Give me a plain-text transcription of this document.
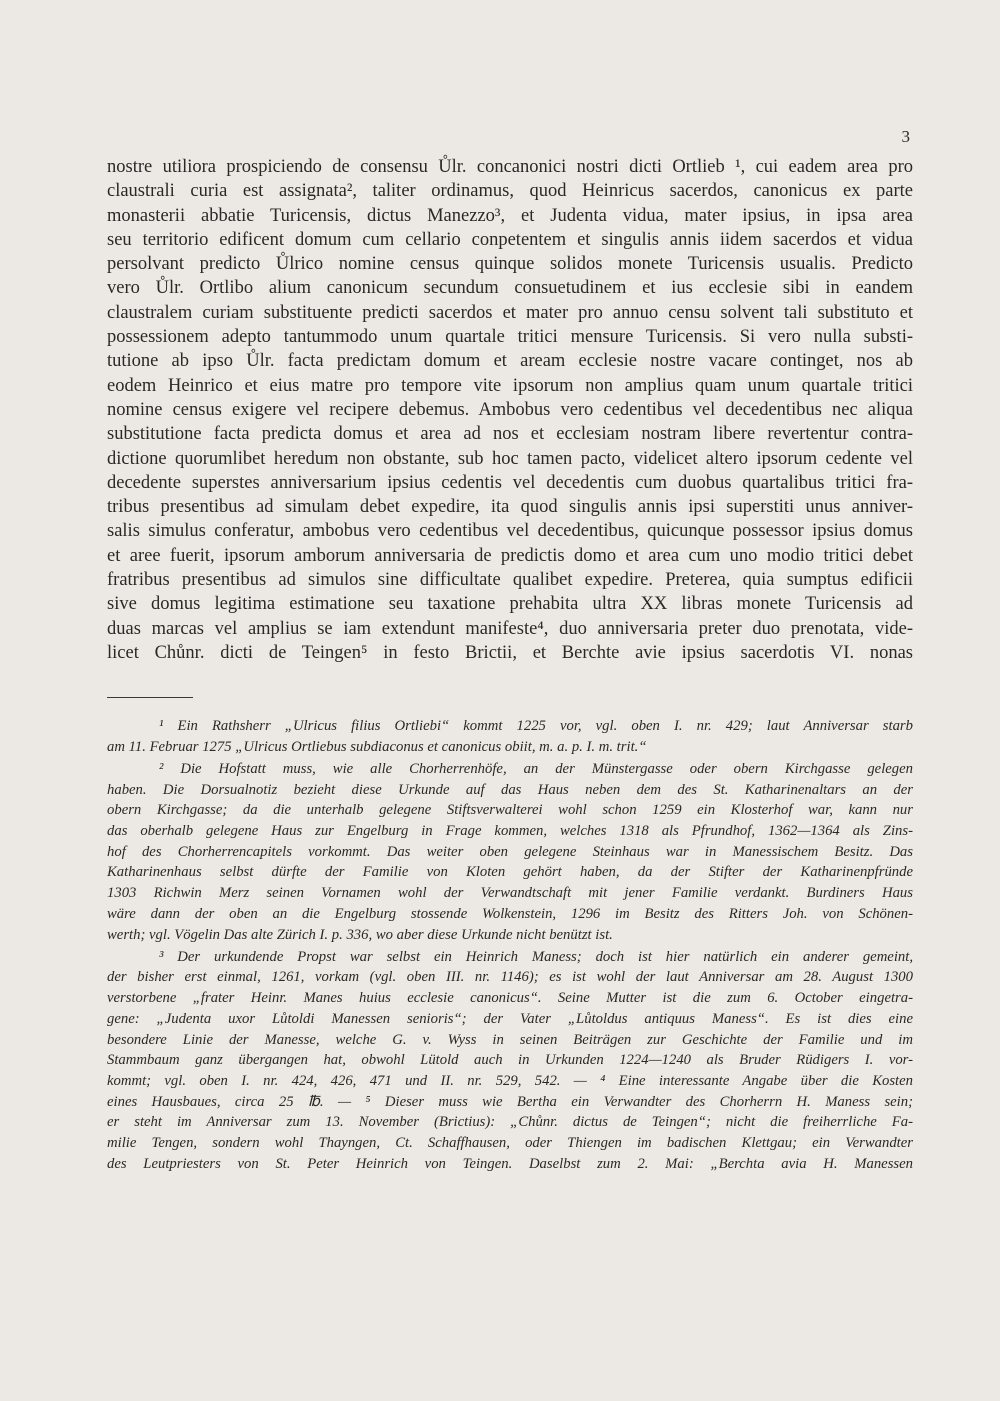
3
nostre utiliora prospiciendo de consensu Ůlr. concanonici nostri dicti Ortlieb ¹, cui eadem area pro
claustrali curia est assignata², taliter ordinamus, quod Heinricus sacerdos, canonicus ex parte
monasterii abbatie Turicensis, dictus Manezzo³, et Judenta vidua, mater ipsius, in ipsa area
seu territorio edificent domum cum cellario conpetentem et singulis annis iidem sacerdos et vidua
persolvant predicto Ůlrico nomine census quinque solidos monete Turicensis usualis. Predicto
vero Ůlr. Ortlibo alium canonicum secundum consuetudinem et ius ecclesie sibi in eandem
claustralem curiam substituente predicti sacerdos et mater pro annuo censu solvent tali substituto et
possessionem adepto tantummodo unum quartale tritici mensure Turicensis. Si vero nulla substi-
tutione ab ipso Ůlr. facta predictam domum et aream ecclesie nostre vacare continget, nos ab
eodem Heinrico et eius matre pro tempore vite ipsorum non amplius quam unum quartale tritici
nomine census exigere vel recipere debemus. Ambobus vero cedentibus vel decedentibus nec aliqua
substitutione facta predicta domus et area ad nos et ecclesiam nostram libere revertentur contra-
dictione quorumlibet heredum non obstante, sub hoc tamen pacto, videlicet altero ipsorum cedente vel
decedente superstes anniversarium ipsius cedentis vel decedentis cum duobus quartalibus tritici fra-
tribus presentibus ad simulam debet expedire, ita quod singulis annis ipsi superstiti unus anniver-
salis simulus conferatur, ambobus vero cedentibus vel decedentibus, quicunque possessor ipsius domus
et aree fuerit, ipsorum amborum anniversaria de predictis domo et area cum uno modio tritici debet
fratribus presentibus ad simulos sine difficultate qualibet expedire. Preterea, quia sumptus edificii
sive domus legitima estimatione seu taxatione prehabita ultra XX libras monete Turicensis ad
duas marcas vel amplius se iam extendunt manifeste⁴, duo anniversaria preter duo prenotata, vide-
licet Chůnr. dicti de Teingen⁵ in festo Brictii, et Berchte avie ipsius sacerdotis VI. nonas
¹ Ein Rathsherr „Ulricus filius Ortliebi“ kommt 1225 vor, vgl. oben I. nr. 429; laut Anniversar starb
am 11. Februar 1275 „Ulricus Ortliebus subdiaconus et canonicus obiit, m. a. p. I. m. trit.“
² Die Hofstatt muss, wie alle Chorherrenhöfe, an der Münstergasse oder obern Kirchgasse gelegen
haben. Die Dorsualnotiz bezieht diese Urkunde auf das Haus neben dem des St. Katharinenaltars an der
obern Kirchgasse; da die unterhalb gelegene Stiftsverwalterei wohl schon 1259 ein Klosterhof war, kann nur
das oberhalb gelegene Haus zur Engelburg in Frage kommen, welches 1318 als Pfrundhof, 1362—1364 als Zins-
hof des Chorherrencapitels vorkommt. Das weiter oben gelegene Steinhaus war in Manessischem Besitz. Das
Katharinenhaus selbst dürfte der Familie von Kloten gehört haben, da der Stifter der Katharinenpfründe
1303 Richwin Merz seinen Vornamen wohl der Verwandtschaft mit jener Familie verdankt. Burdiners Haus
wäre dann der oben an die Engelburg stossende Wolkenstein, 1296 im Besitz des Ritters Joh. von Schönen-
werth; vgl. Vögelin Das alte Zürich I. p. 336, wo aber diese Urkunde nicht benützt ist.
³ Der urkundende Propst war selbst ein Heinrich Maness; doch ist hier natürlich ein anderer gemeint,
der bisher erst einmal, 1261, vorkam (vgl. oben III. nr. 1146); es ist wohl der laut Anniversar am 28. August 1300
verstorbene „frater Heinr. Manes huius ecclesie canonicus“. Seine Mutter ist die zum 6. October eingetra-
gene: „Judenta uxor Lůtoldi Manessen senioris“; der Vater „Lůtoldus antiquus Maness“. Es ist dies eine
besondere Linie der Manesse, welche G. v. Wyss in seinen Beiträgen zur Geschichte der Familie und im
Stammbaum ganz übergangen hat, obwohl Lütold auch in Urkunden 1224—1240 als Bruder Rüdigers I. vor-
kommt; vgl. oben I. nr. 424, 426, 471 und II. nr. 529, 542. — ⁴ Eine interessante Angabe über die Kosten
eines Hausbaues, circa 25 ℔. — ⁵ Dieser muss wie Bertha ein Verwandter des Chorherrn H. Maness sein;
er steht im Anniversar zum 13. November (Brictius): „Chůnr. dictus de Teingen“; nicht die freiherrliche Fa-
milie Tengen, sondern wohl Thayngen, Ct. Schaffhausen, oder Thiengen im badischen Klettgau; ein Verwandter
des Leutpriesters von St. Peter Heinrich von Teingen. Daselbst zum 2. Mai: „Berchta avia H. Manessen
